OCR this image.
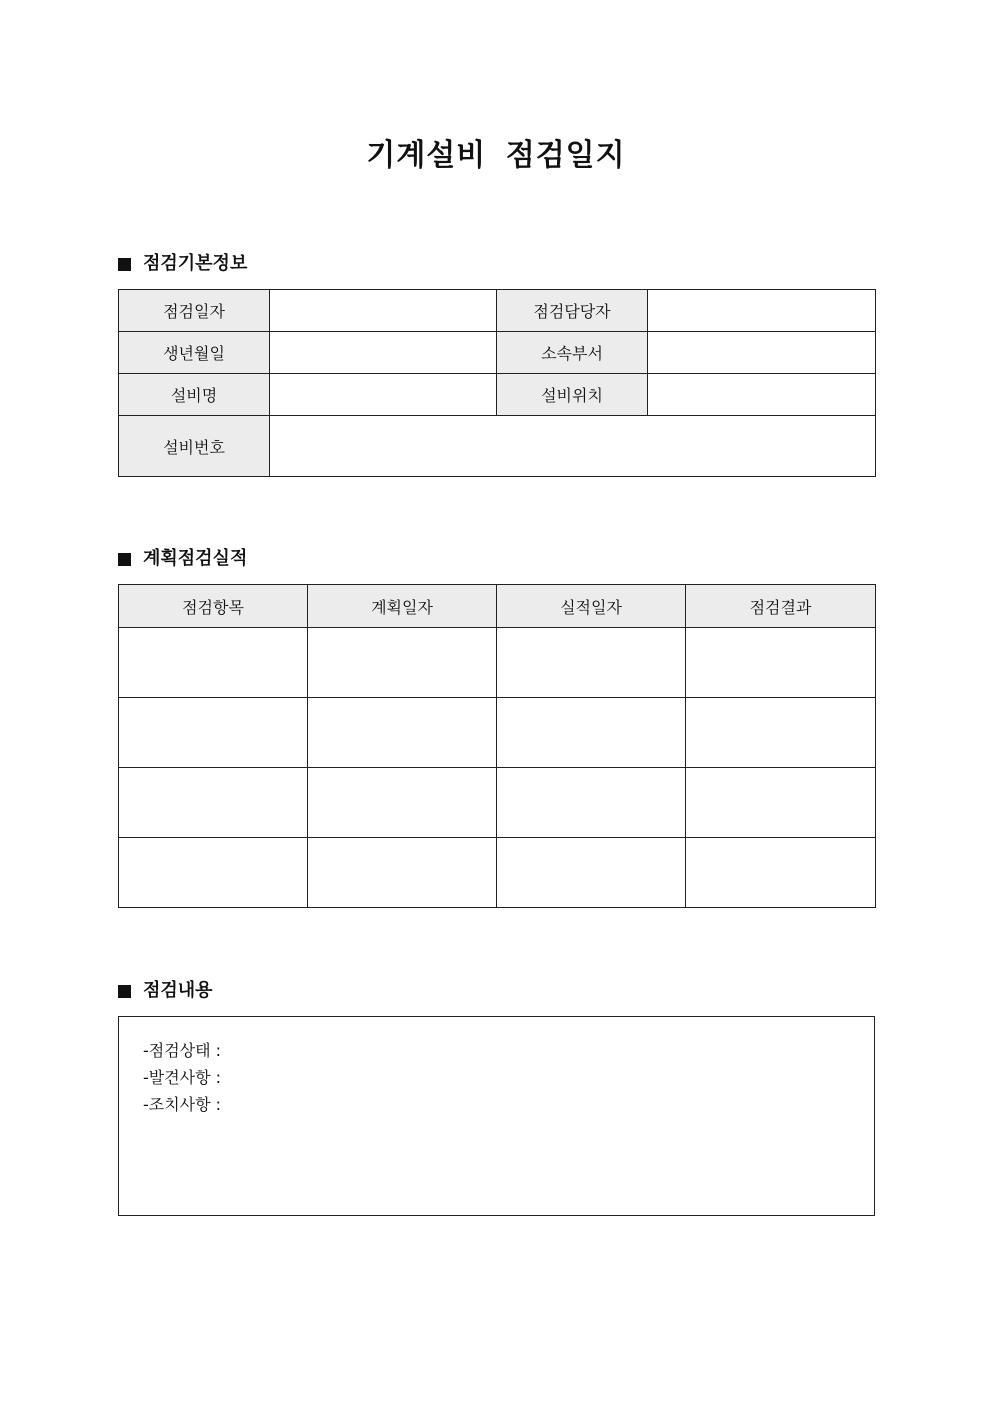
기계설비 점검일지
점검기본정보
점검일자		점검담당자	
생년월일		소속부서	
설비명		설비위치	
설비번호			
계획점검실적
점검항목	계획일자	실적일자	점검결과

점검내용
-점검상태 :
-발견사항 :
-조치사항 :
